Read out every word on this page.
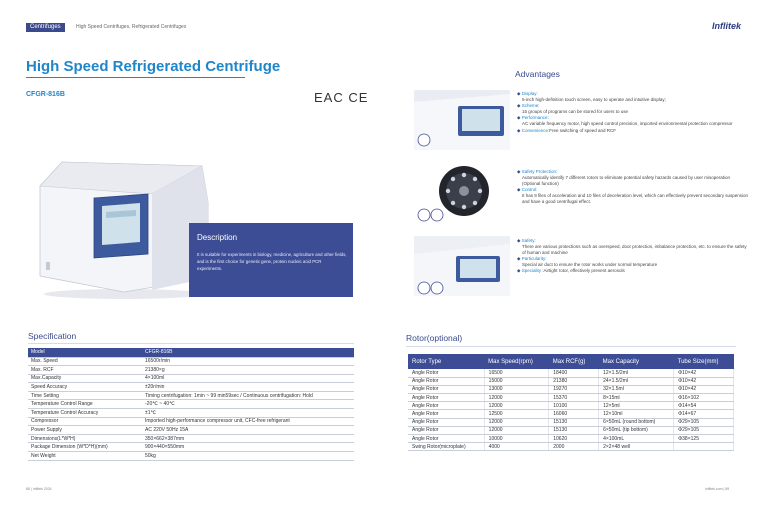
Centrifuges	High Speed Centrifuges, Refrigerated Centrifuges	Inflitek
High Speed Refrigerated Centrifuge
CFGR-816B	EAC CE
Description
It is suitable for experiments in biology, medicine, agriculture and other fields, and is the first choice for genetic gene, protein nucleic acid PCR experiments.
Advantages
◆ Display:
5-inch high-definition touch screen, easy to operate and intuitive display;
◆ Scheme:
15 groups of programs can be stored for users to use
◆ Performance:
AC variable frequency motor, high speed control precision, imported environmental protection compressor
◆ Convenience:Free switching of speed and RCF
◆ Safety Protection:
Automatically identify 7 different rotors to eliminate potential safety hazards caused by user misoperation (Optional function)
◆ Control:
It has 9 files of acceleration and 10 files of deceleration level, which can effectively prevent secondary suspension and have a good centrifugal effect.
◆ Safety:
There are various protections such as overspeed, door protection, imbalance protection, etc. to ensure the safety of human and machine
◆ Particularity:
Special air duct to ensure the rotor works under normal temperature
◆ Speciality :Airtight rotor, effectively prevent aerosols
Specification
Model	CFGR-816B
Max. Speed	16500r/min
Max. RCF	21380×g
Max.Capacity	4×100ml
Speed Accuracy	±20r/min
Time Setting	Timing centrifugation: 1min ~ 99 min59sec / Continuous centrifugation: Hold
Temperature Control Range	-20℃ ~ 40℃
Temperature Control Accuracy	±1℃
Compressor	Imported high-performance compressor unit, CFC-free refrigerant
Power Supply	AC 220V 50Hz 15A
Dimensions(L*W*H)	350×662×387mm
Package Dimension (W*D*H)(mm)	900×440×550mm
Net Weight	50kg
Rotor(optional)
Rotor Type	Max Speed(rpm)	Max RCF(g)	Max Capacity	Tube Size(mm)
Angle Rotor	16500	18400	12×1.5/2ml	Φ10×42
Angle Rotor	15000	21380	24×1.5/2ml	Φ10×42
Angle Rotor	13000	19270	32×1.5ml	Φ10×42
Angle Rotor	12000	15370	8×15ml	Φ16×102
Angle Rotor	12000	10100	12×5ml	Φ14×54
Angle Rotor	12500	16060	12×10ml	Φ14×67
Angle Rotor	12000	15130	6×50mL (round bottom)	Φ29×105
Angle Rotor	12000	15130	6×50mL (tip bottom)	Φ29×105
Angle Rotor	10000	10620	4×100mL	Φ38×125
Swing Rotor(microplate)	4000	2000	2×2×48 well	
88 | Inflitek 2024	inflitek.com | 89
